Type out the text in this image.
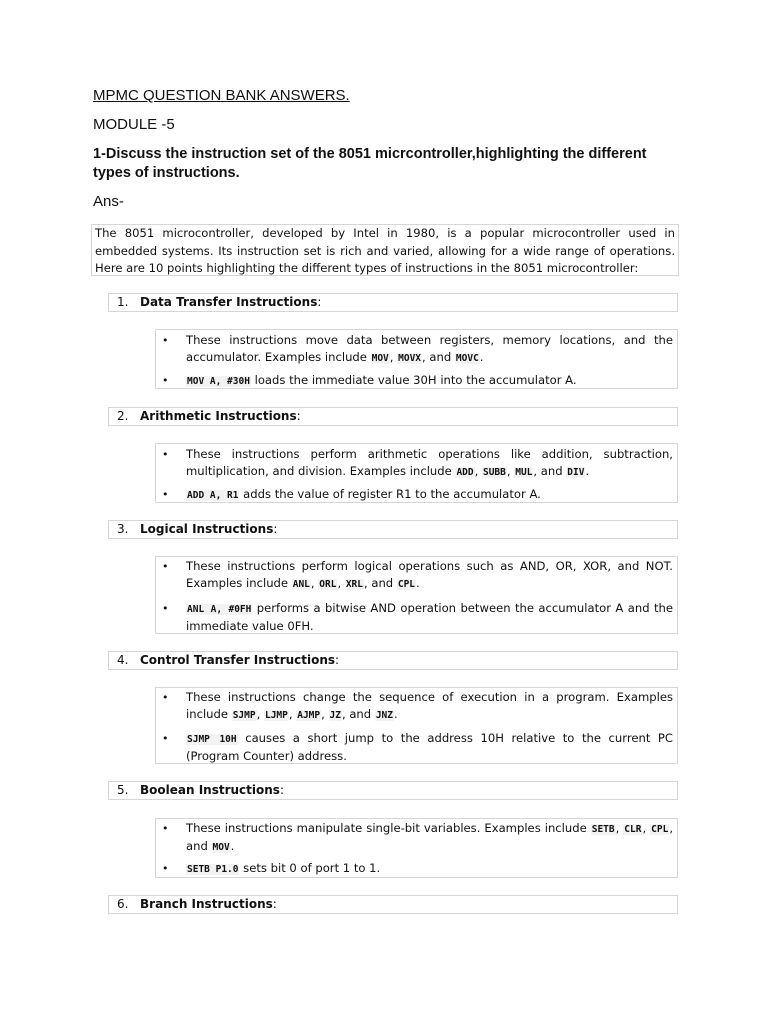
MPMC QUESTION BANK ANSWERS.
MODULE -5
1-Discuss the instruction set of the 8051 micrcontroller,highlighting the different types of instructions.
Ans-
The 8051 microcontroller, developed by Intel in 1980, is a popular microcontroller used in embedded systems. Its instruction set is rich and varied, allowing for a wide range of operations. Here are 10 points highlighting the different types of instructions in the 8051 microcontroller:
1. Data Transfer Instructions:
• These instructions move data between registers, memory locations, and the accumulator. Examples include MOV, MOVX, and MOVC.
• MOV A, #30H loads the immediate value 30H into the accumulator A.
2. Arithmetic Instructions:
• These instructions perform arithmetic operations like addition, subtraction, multiplication, and division. Examples include ADD, SUBB, MUL, and DIV.
• ADD A, R1 adds the value of register R1 to the accumulator A.
3. Logical Instructions:
• These instructions perform logical operations such as AND, OR, XOR, and NOT. Examples include ANL, ORL, XRL, and CPL.
• ANL A, #0FH performs a bitwise AND operation between the accumulator A and the immediate value 0FH.
4. Control Transfer Instructions:
• These instructions change the sequence of execution in a program. Examples include SJMP, LJMP, AJMP, JZ, and JNZ.
• SJMP 10H causes a short jump to the address 10H relative to the current PC (Program Counter) address.
5. Boolean Instructions:
• These instructions manipulate single-bit variables. Examples include SETB, CLR, CPL, and MOV.
• SETB P1.0 sets bit 0 of port 1 to 1.
6. Branch Instructions:
